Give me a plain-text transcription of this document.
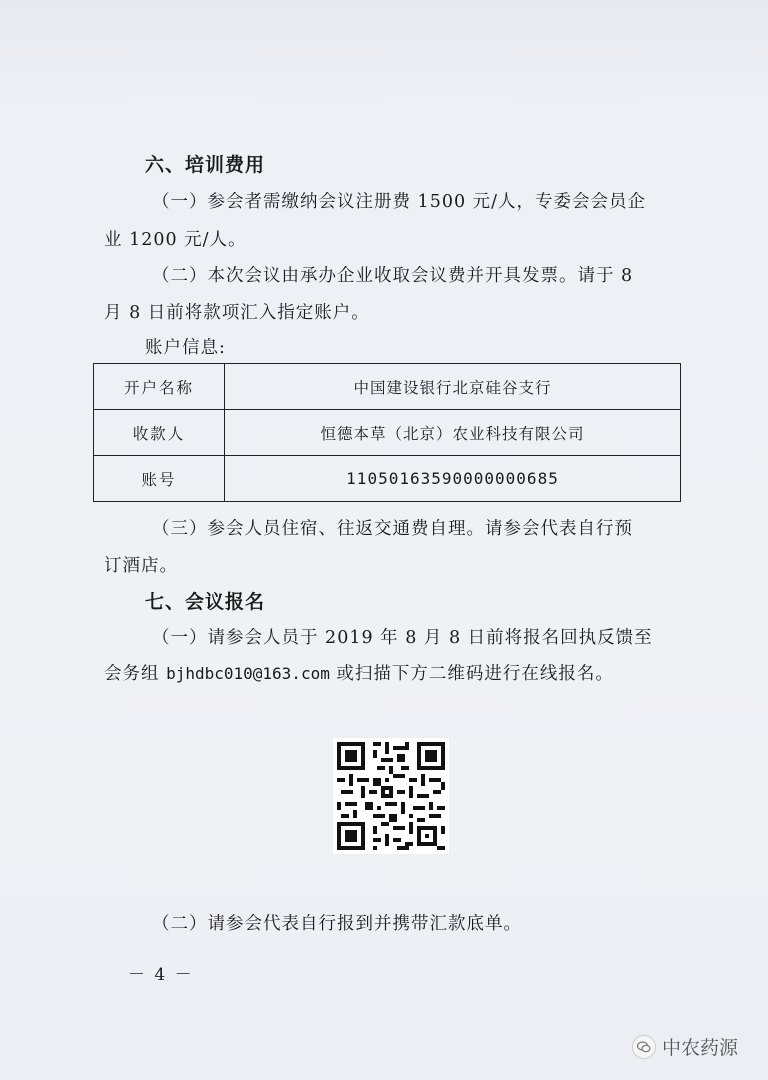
六、培训费用
（一）参会者需缴纳会议注册费 1500 元/人，专委会会员企
业 1200 元/人。
（二）本次会议由承办企业收取会议费并开具发票。请于 8
月 8 日前将款项汇入指定账户。
账户信息:
开户名称	中国建设银行北京硅谷支行
收款人	恒德本草（北京）农业科技有限公司
账号	11050163590000000685
（三）参会人员住宿、往返交通费自理。请参会代表自行预
订酒店。
七、会议报名
（一）请参会人员于 2019 年 8 月 8 日前将报名回执反馈至
会务组 bjhdbc010@163.com 或扫描下方二维码进行在线报名。
（二）请参会代表自行报到并携带汇款底单。
－ 4 －
中农药源
